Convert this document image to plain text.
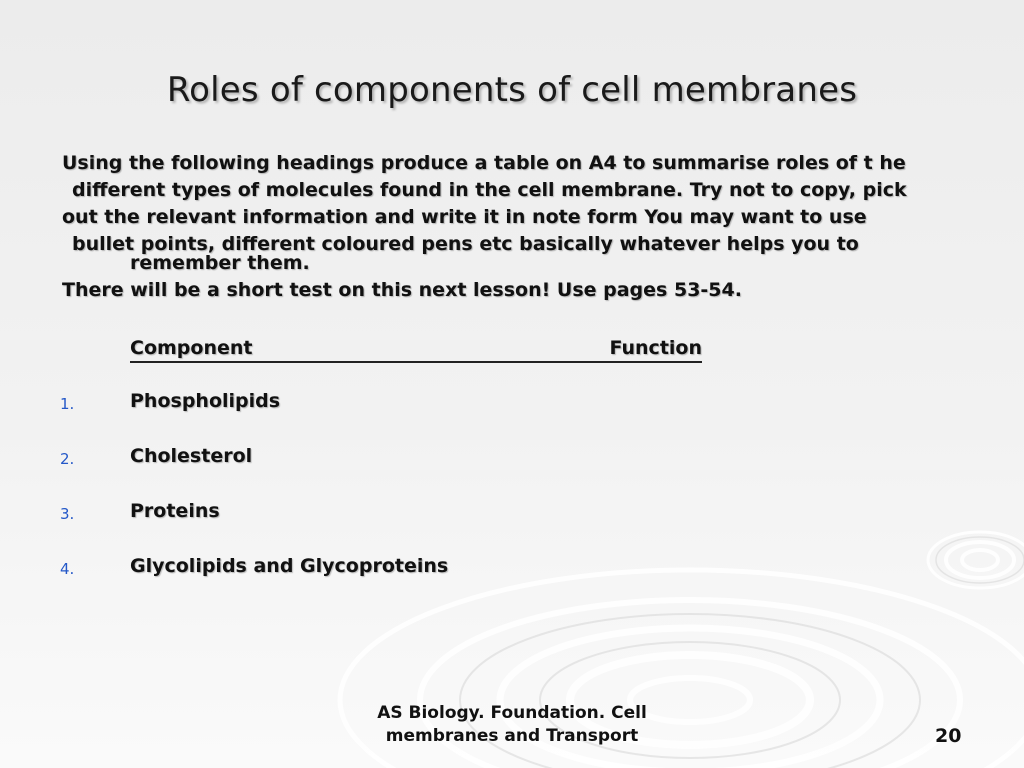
Roles of components of cell membranes
Using the following headings produce a table on A4 to summarise roles of t he
different types of molecules found in the cell membrane. Try not to copy, pick
out the relevant information and write it in note form You may want to use
bullet points, different coloured pens etc basically whatever helps you to
remember them.
There will be a short test on this next lesson! Use pages 53-54.
Component	Function
1.	Phospholipids
2.	Cholesterol
3.	Proteins
4.	Glycolipids and Glycoproteins
AS Biology. Foundation. Cell
membranes and Transport	20
